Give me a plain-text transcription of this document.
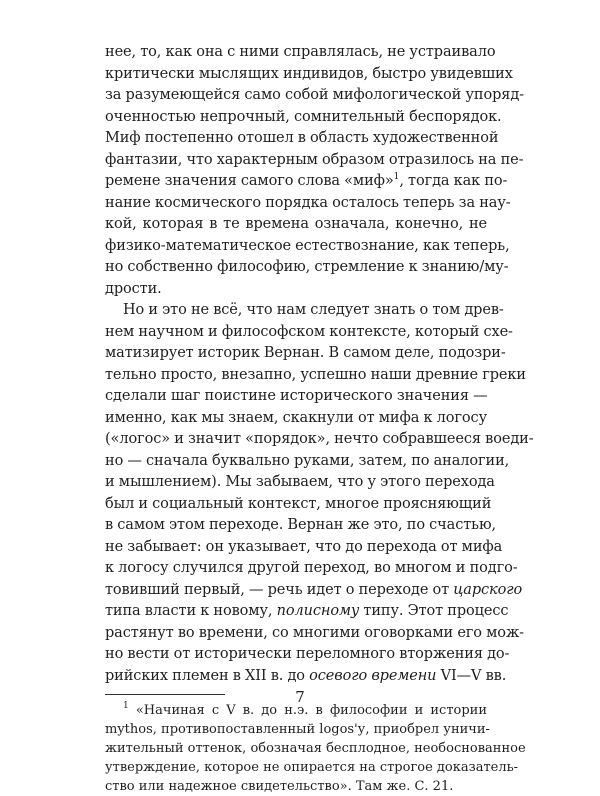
нее, то, как она с ними справлялась, не устраивало
критически мыслящих индивидов, быстро увидевших
за разумеющейся само собой мифологической упоряд-
оченностью непрочный, сомнительный беспорядок.
Миф постепенно отошел в область художественной
фантазии, что характерным образом отразилось на пе-
ремене значения самого слова «миф»$^1$, тогда как по-
нание космического порядка осталось теперь за нау-
кой, которая в те времена означала, конечно, не
физико-математическое естествознание, как теперь,
но собственно философию, стремление к знанию/му-
дрости.

Но и это не всё, что нам следует знать о том древ-
нем научном и философском контексте, который схе-
матизирует историк Вернан. В самом деле, подозри-
тельно просто, внезапно, успешно наши древние греки
сделали шаг поистине исторического значения —
именно, как мы знаем, скакнули от мифа к логосу
(«логос» и значит «порядок», нечто собравшееся воеди-
но — сначала буквально руками, затем, по аналогии,
и мышлением). Мы забываем, что у этого перехода
был и социальный контекст, многое проясняющий
в самом этом переходе. Вернан же это, по счастью,
не забывает: он указывает, что до перехода от мифа
к логосу случился другой переход, во многом и подго-
товивший первый, — речь идет о переходе от царского
типа власти к новому, полисному типу. Этот процесс
растянут во времени, со многими оговорками его мож-
но вести от исторически переломного вторжения до-
рийских племен в XII в. до осевого времени VI—V вв.

$^1$ «Начиная с V в. до н.э. в философии и истории
mythos, противопоставленный logos'у, приобрел уничи-
жительный оттенок, обозначая бесплодное, необоснованное
утверждение, которое не опирается на строгое доказатель-
ство или надежное свидетельство». Там же. С. 21.
7
